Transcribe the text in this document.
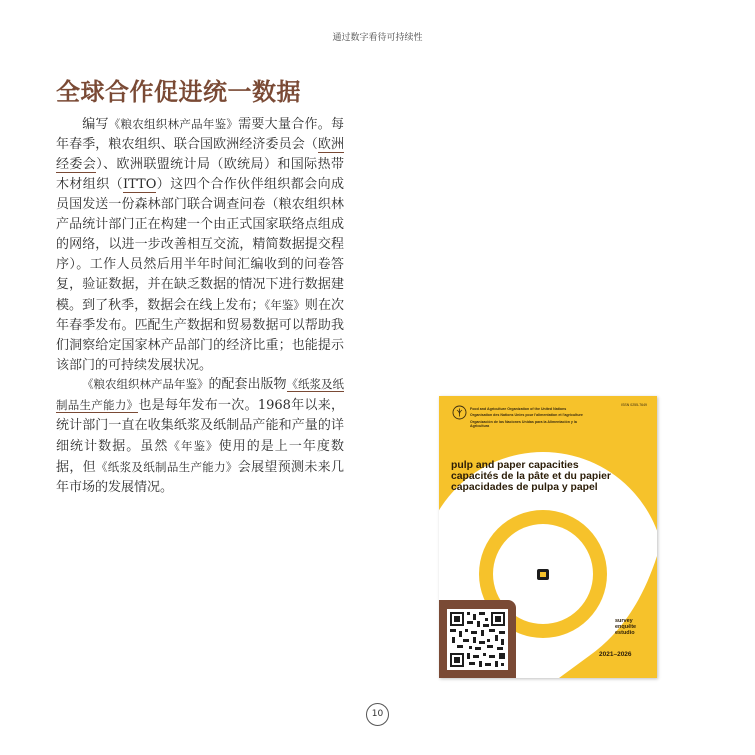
通过数字看待可持续性
全球合作促进统一数据

编写《粮农组织林产品年鉴》需要大量合作。每年春季，粮农组织、联合国欧洲经济委员会（欧洲经委会）、欧洲联盟统计局（欧统局）和国际热带木材组织（ITTO）这四个合作伙伴组织都会向成员国发送一份森林部门联合调查问卷（粮农组织林产品统计部门正在构建一个由正式国家联络点组成的网络，以进一步改善相互交流，精简数据提交程序）。工作人员然后用半年时间汇编收到的问卷答复，验证数据，并在缺乏数据的情况下进行数据建模。到了秋季，数据会在线上发布；《年鉴》则在次年春季发布。匹配生产数据和贸易数据可以帮助我们洞察给定国家林产品部门的经济比重；也能提示该部门的可持续发展状况。

《粮农组织林产品年鉴》的配套出版物《纸浆及纸制品生产能力》也是每年发布一次。1968年以来，统计部门一直在收集纸浆及纸制品产能和产量的详细统计数据。虽然《年鉴》使用的是上一年度数据，但《纸浆及纸制品生产能力》会展望预测未来几年市场的发展情况。

Food and Agriculture Organization of the United Nations
Organisation des Nations Unies pour l'alimentation et l'agriculture
Organización de las Naciones Unidas para la Alimentación y la Agricultura
ISSN 0255-7649
pulp and paper capacities
capacités de la pâte et du papier
capacidades de pulpa y papel
survey
enquête
estudio
2021–2026
10
